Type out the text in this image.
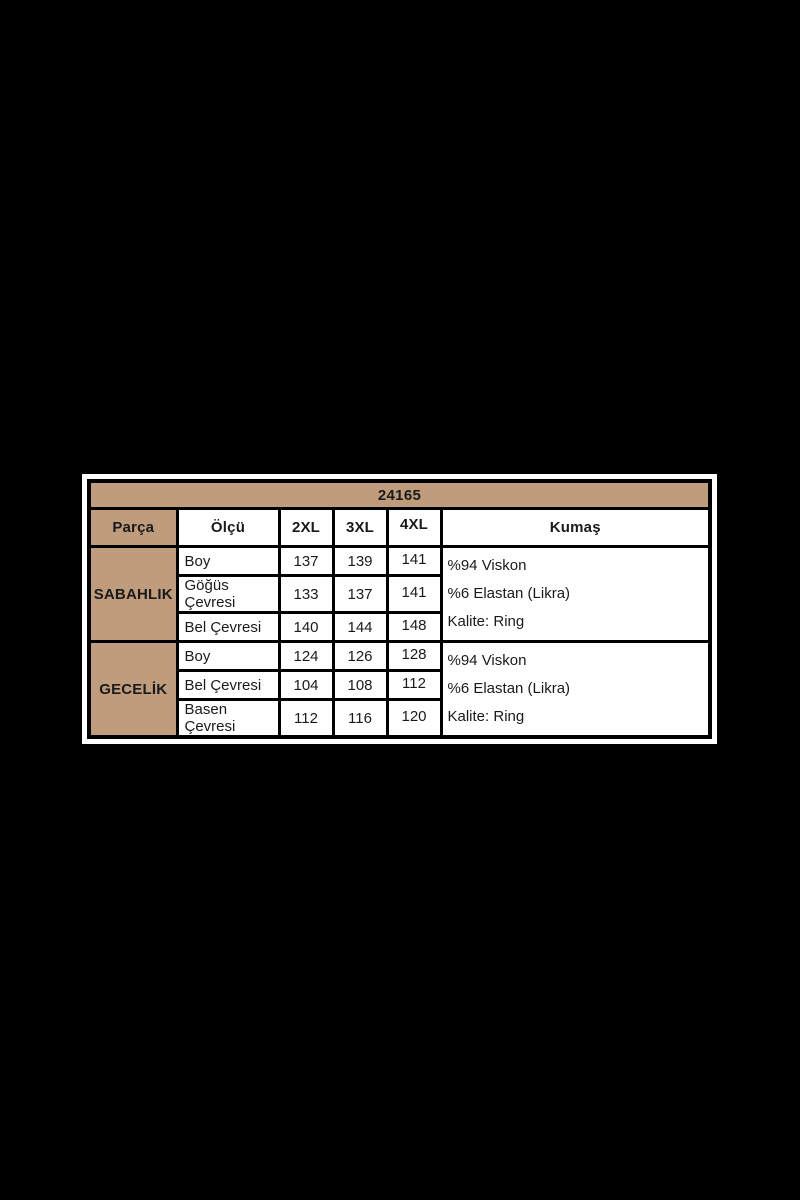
24165					
Parça	Ölçü	2XL	3XL	4XL	Kumaş
SABAHLIK	Boy	137	139	141	%94 Viskon
%6 Elastan (Likra)
Kalite: Ring

	Göğüs Çevresi	133	137	141	
	Bel Çevresi	140	144	148	
GECELİK	Boy	124	126	128	%94 Viskon
%6 Elastan (Likra)
Kalite: Ring

	Bel Çevresi	104	108	112	
	Basen Çevresi	112	116	120	
